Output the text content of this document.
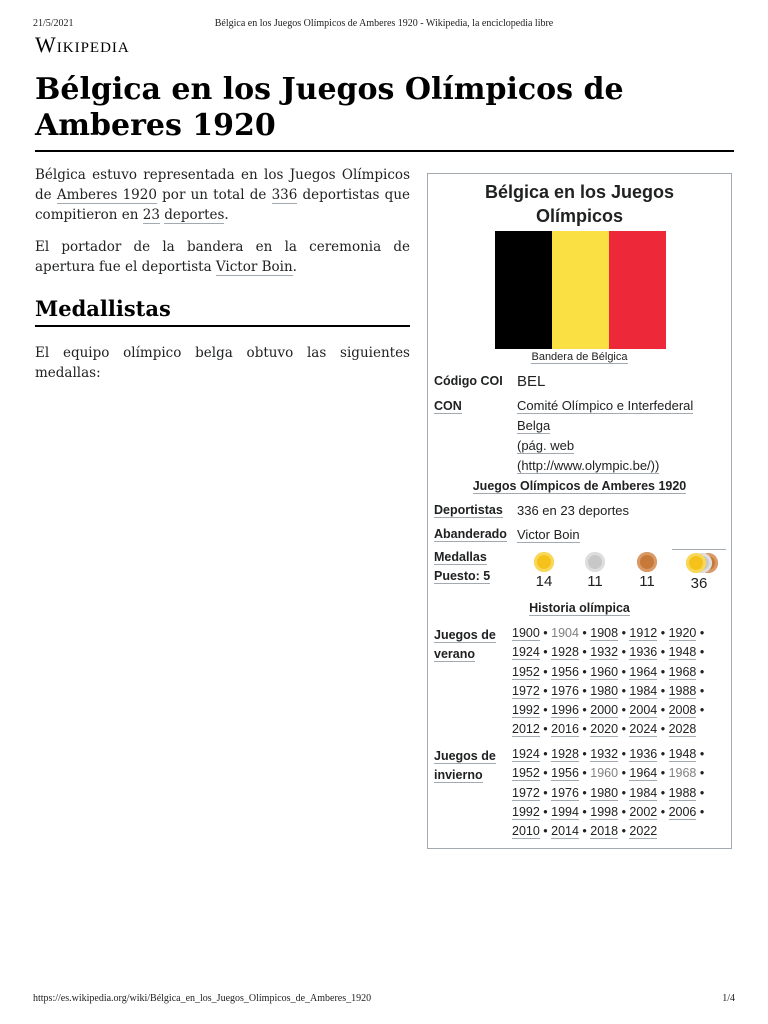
21/5/2021	Bélgica en los Juegos Olímpicos de Amberes 1920 - Wikipedia, la enciclopedia libre
Wikipedia
Bélgica en los Juegos Olímpicos de Amberes 1920
Bélgica estuvo representada en los Juegos Olímpicos de Amberes 1920 por un total de 336 deportistas que compitieron en 23 deportes.
El portador de la bandera en la ceremonia de apertura fue el deportista Victor Boin.
Medallistas
El equipo olímpico belga obtuvo las siguientes medallas:
Bélgica en los Juegos Olímpicos
Bandera de Bélgica
Código COI BEL
CON	Comité Olímpico e Interfederal Belga
(pág. web
(http://www.olympic.be/))
Juegos Olímpicos de Amberes 1920
Deportistas 336 en 23 deportes
Abanderado Victor Boin
Medallas
Puesto: 5	14	11	11	36
Historia olímpica
Juegos de verano
1900 • 1904 • 1908 • 1912 • 1920 •
1924 • 1928 • 1932 • 1936 • 1948 •
1952 • 1956 • 1960 • 1964 • 1968 •
1972 • 1976 • 1980 • 1984 • 1988 •
1992 • 1996 • 2000 • 2004 • 2008 •
2012 • 2016 • 2020 • 2024 • 2028
Juegos de invierno
1924 • 1928 • 1932 • 1936 • 1948 •
1952 • 1956 • 1960 • 1964 • 1968 •
1972 • 1976 • 1980 • 1984 • 1988 •
1992 • 1994 • 1998 • 2002 • 2006 •
2010 • 2014 • 2018 • 2022
https://es.wikipedia.org/wiki/Bélgica_en_los_Juegos_Olímpicos_de_Amberes_1920	1/4
